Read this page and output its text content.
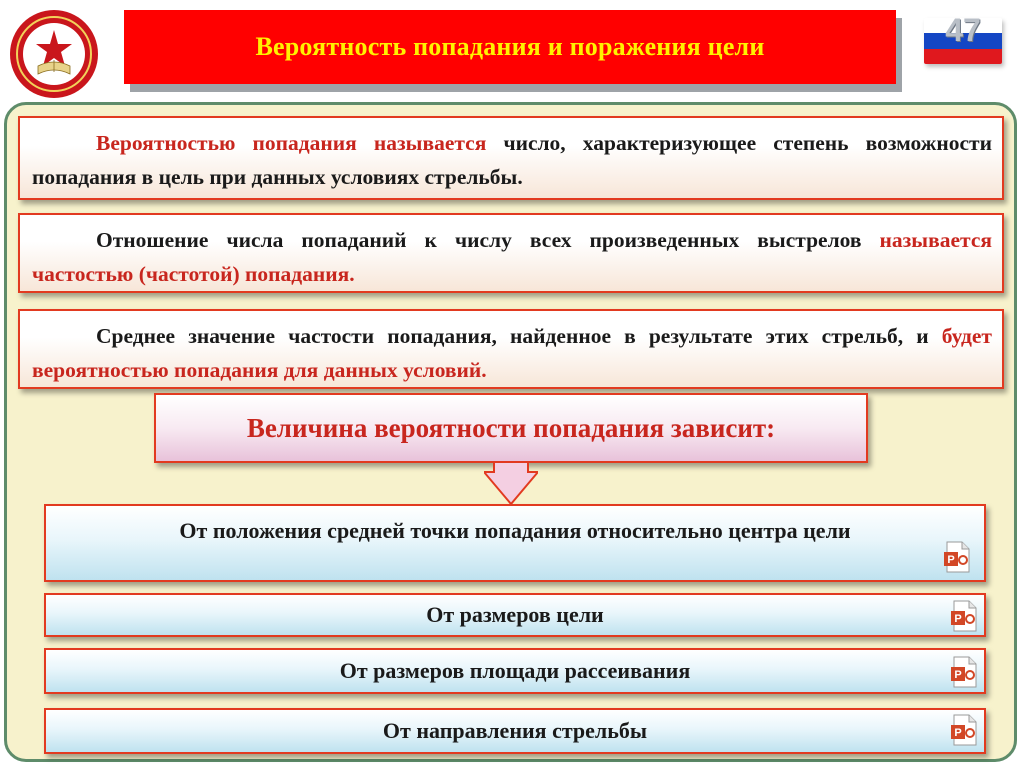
Вероятность попадания и поражения цели	47
Вероятностью попадания называется число, характеризующее степень возможности попадания в цель при данных условиях стрельбы.
Отношение числа попаданий к числу всех произведенных выстрелов называется частостью (частотой) попадания.
Среднее значение частости попадания, найденное в результате этих стрельб, и будет вероятностью попадания для данных условий.
Величина вероятности попадания зависит:
От положения средней точки попадания относительно центра цели
P
От размеров цели	P
От размеров площади рассеивания	P
От направления стрельбы	P
